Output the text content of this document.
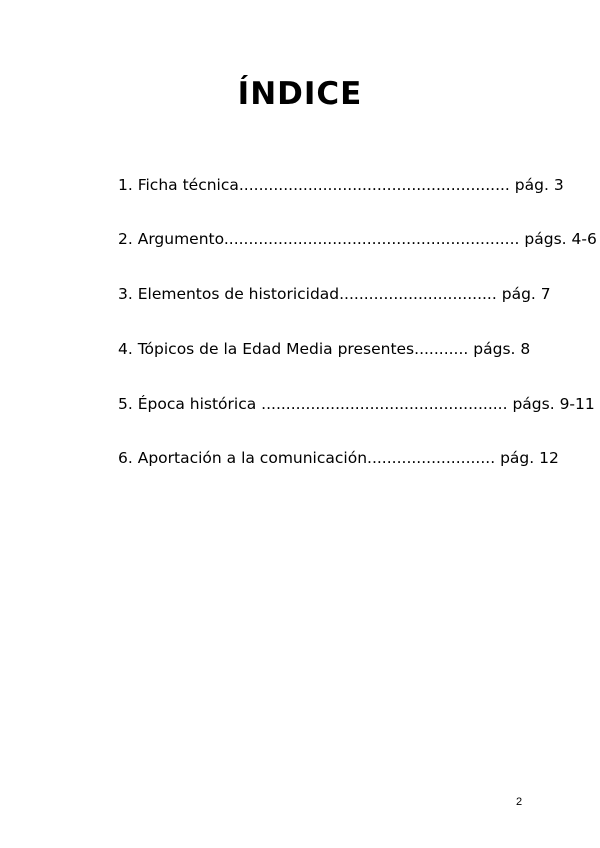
ÍNDICE
1. Ficha técnica....................................................... pág. 3
2. Argumento............................................................ págs. 4-6
3. Elementos de historicidad................................ pág. 7
4. Tópicos de la Edad Media presentes........... págs. 8
5. Época histórica .................................................. págs. 9-11
6. Aportación a la comunicación.......................... pág. 12
2
